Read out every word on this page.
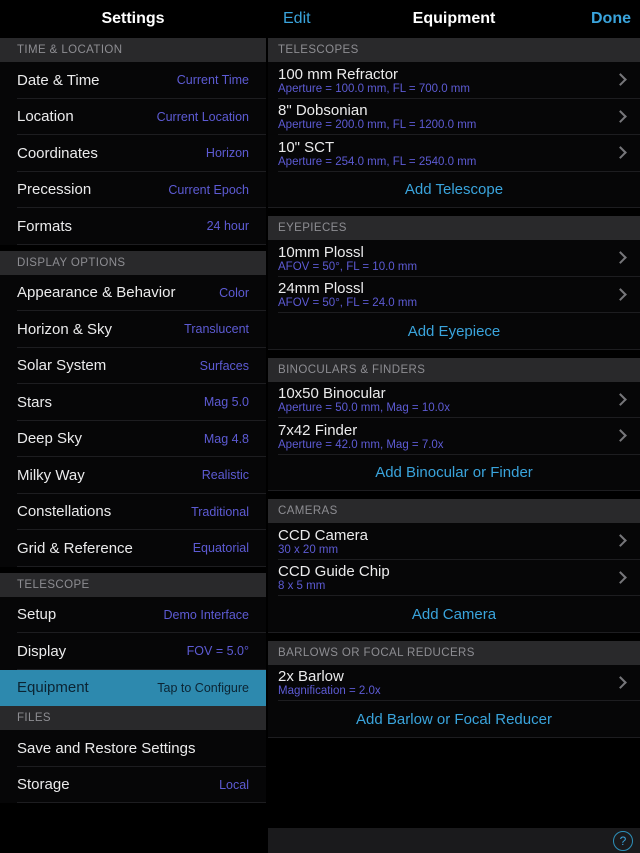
Settings
TIME & LOCATION
Date & Time	Current Time
Location	Current Location
Coordinates	Horizon
Precession	Current Epoch
Formats	24 hour
DISPLAY OPTIONS
Appearance & Behavior	Color
Horizon & Sky	Translucent
Solar System	Surfaces
Stars	Mag 5.0
Deep Sky	Mag 4.8
Milky Way	Realistic
Constellations	Traditional
Grid & Reference	Equatorial
TELESCOPE
Setup	Demo Interface
Display	FOV = 5.0°
Equipment	Tap to Configure
FILES
Save and Restore Settings
Storage	Local
Equipment
Edit	Done
TELESCOPES
100 mm Refractor
Aperture = 100.0 mm, FL = 700.0 mm
8" Dobsonian
Aperture = 200.0 mm, FL = 1200.0 mm
10" SCT
Aperture = 254.0 mm, FL = 2540.0 mm
Add Telescope
EYEPIECES
10mm Plossl
AFOV = 50°, FL = 10.0 mm
24mm Plossl
AFOV = 50°, FL = 24.0 mm
Add Eyepiece
BINOCULARS & FINDERS
10x50 Binocular
Aperture = 50.0 mm, Mag = 10.0x
7x42 Finder
Aperture = 42.0 mm, Mag = 7.0x
Add Binocular or Finder
CAMERAS
CCD Camera
30 x 20 mm
CCD Guide Chip
8 x 5 mm
Add Camera
BARLOWS OR FOCAL REDUCERS
2x Barlow
Magnification = 2.0x
Add Barlow or Focal Reducer
?
